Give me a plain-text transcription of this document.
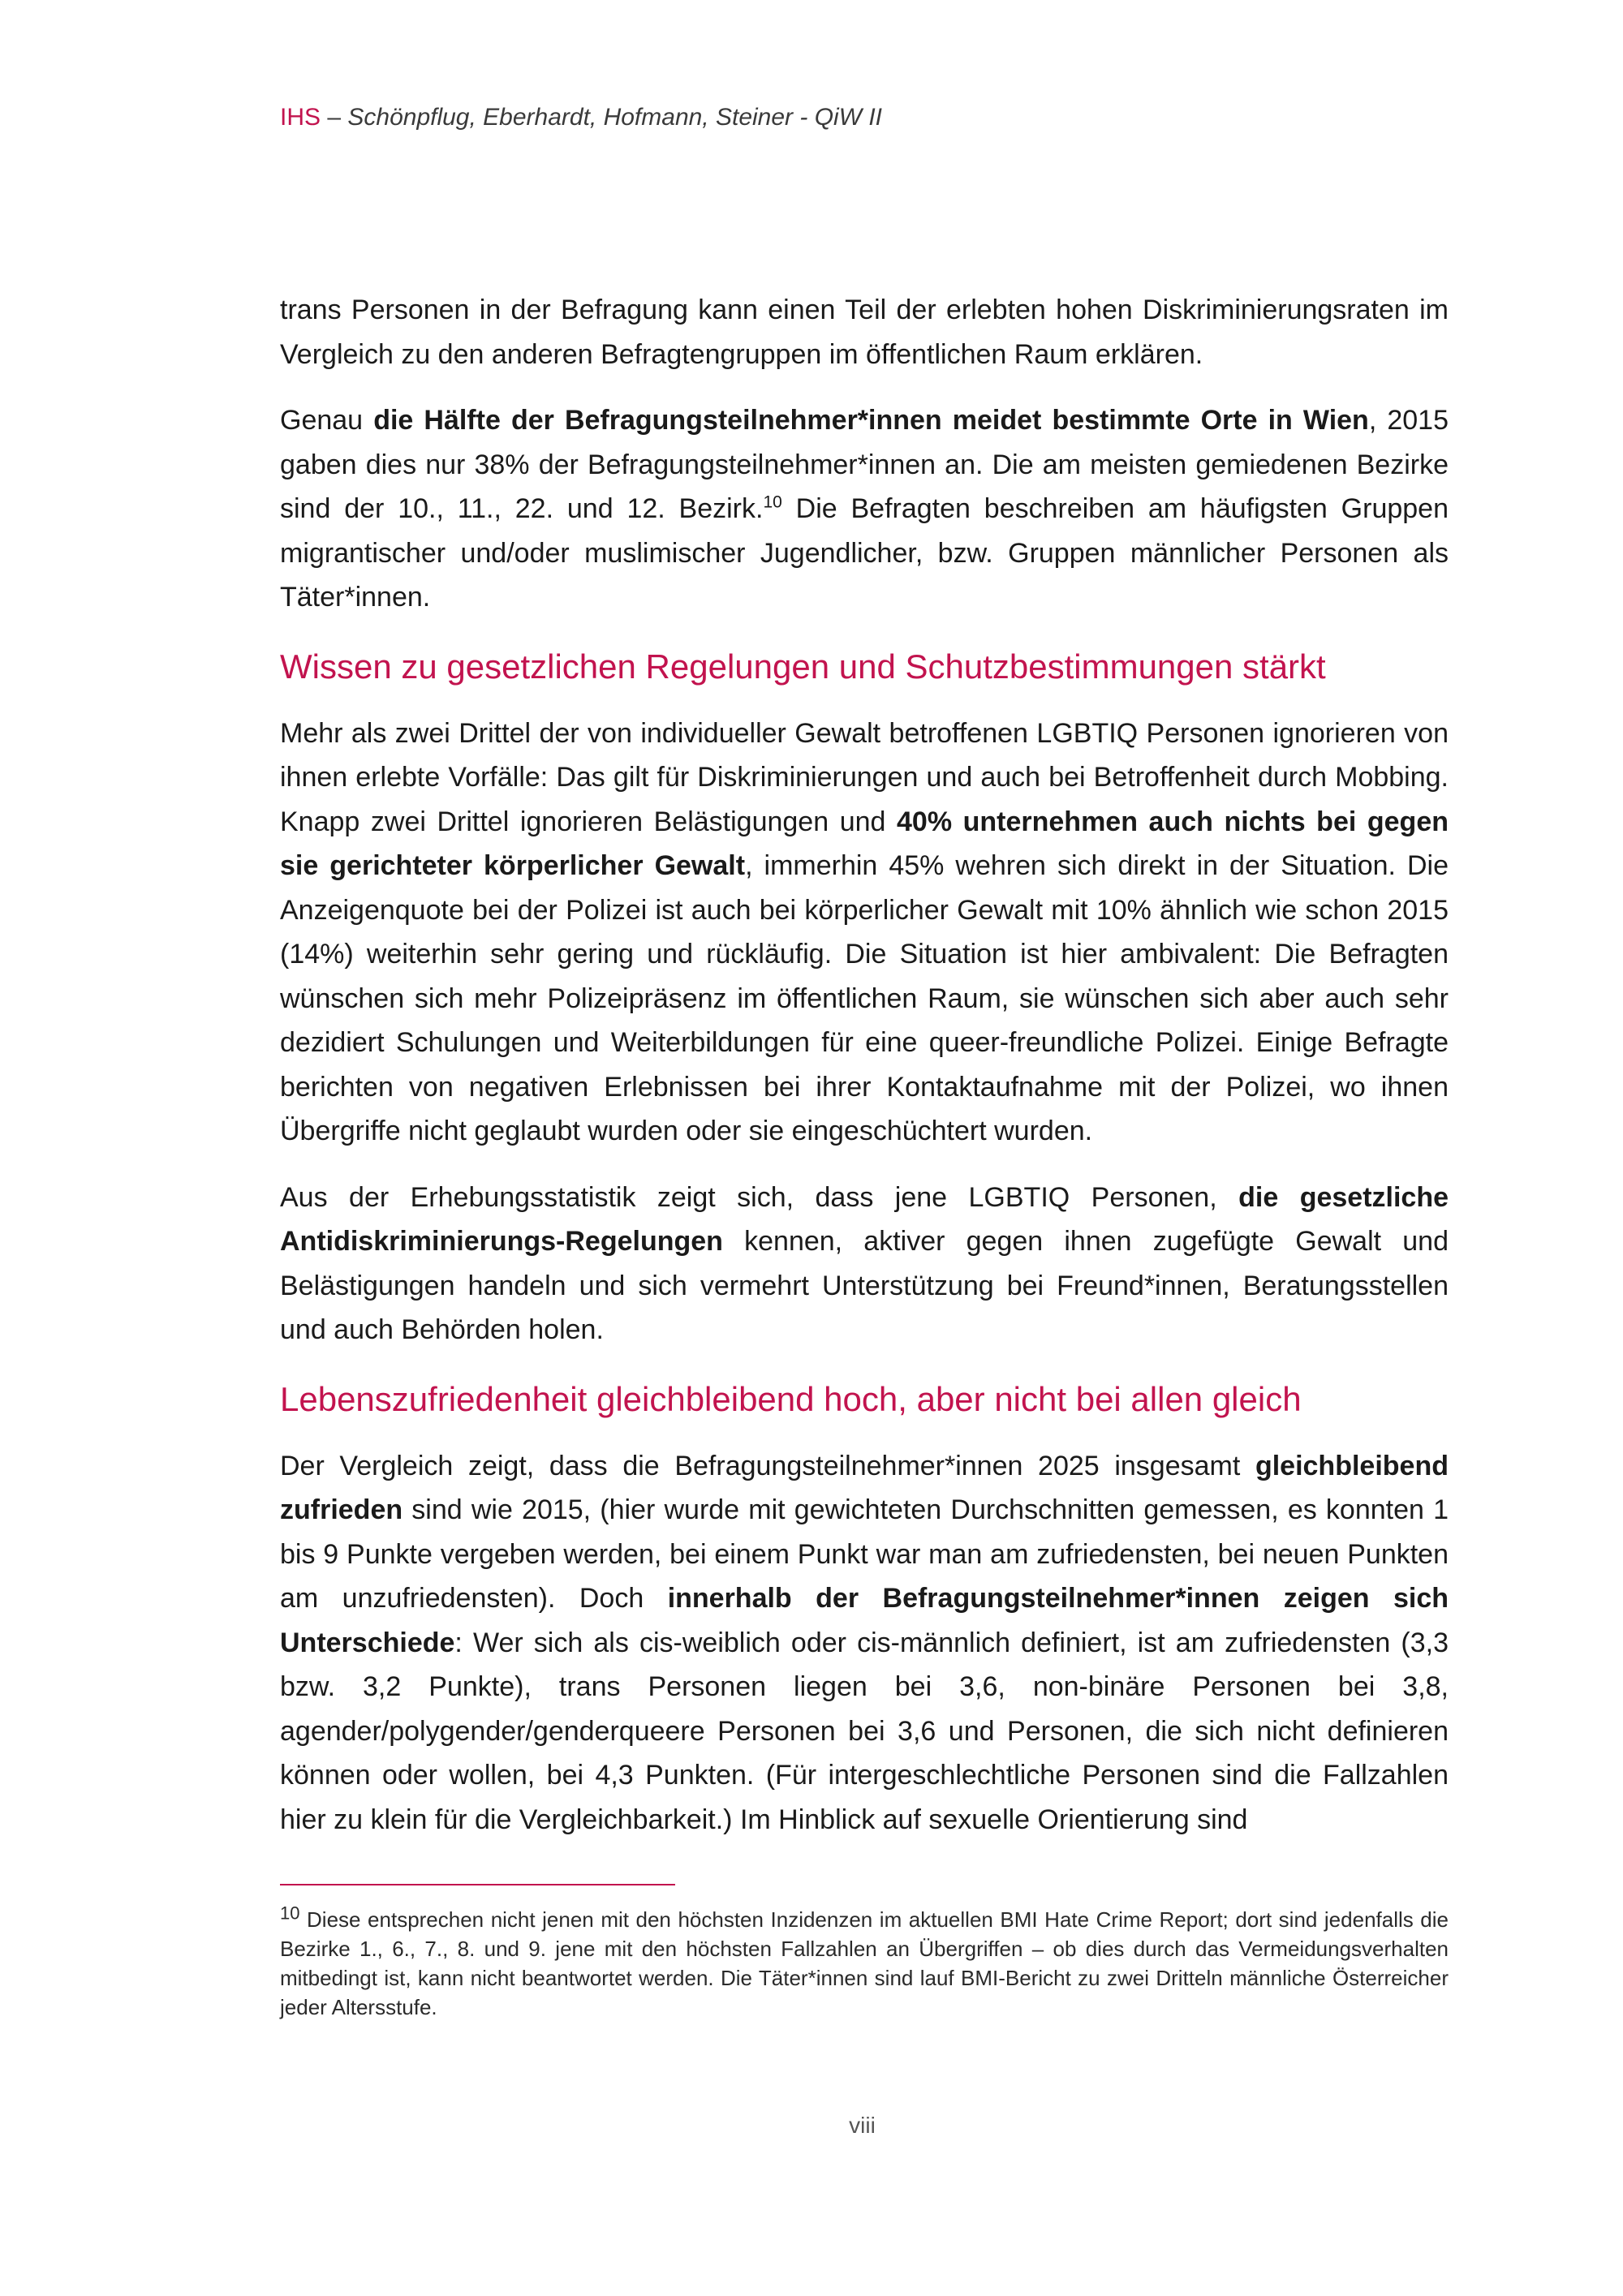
IHS – Schönpflug, Eberhardt, Hofmann, Steiner - QiW II

trans Personen in der Befragung kann einen Teil der erlebten hohen Diskriminierungsraten im Vergleich zu den anderen Befragtengruppen im öffentlichen Raum erklären.

Genau die Hälfte der Befragungsteilnehmer*innen meidet bestimmte Orte in Wien, 2015 gaben dies nur 38% der Befragungsteilnehmer*innen an. Die am meisten gemiedenen Bezirke sind der 10., 11., 22. und 12. Bezirk.$^{10}$ Die Befragten beschreiben am häufigsten Gruppen migrantischer und/oder muslimischer Jugendlicher, bzw. Gruppen männlicher Personen als Täter*innen.

Wissen zu gesetzlichen Regelungen und Schutzbestimmungen stärkt

Mehr als zwei Drittel der von individueller Gewalt betroffenen LGBTIQ Personen ignorieren von ihnen erlebte Vorfälle: Das gilt für Diskriminierungen und auch bei Betroffenheit durch Mobbing. Knapp zwei Drittel ignorieren Belästigungen und 40% unternehmen auch nichts bei gegen sie gerichteter körperlicher Gewalt, immerhin 45% wehren sich direkt in der Situation. Die Anzeigenquote bei der Polizei ist auch bei körperlicher Gewalt mit 10% ähnlich wie schon 2015 (14%) weiterhin sehr gering und rückläufig. Die Situation ist hier ambivalent: Die Befragten wünschen sich mehr Polizeipräsenz im öffentlichen Raum, sie wünschen sich aber auch sehr dezidiert Schulungen und Weiterbildungen für eine queer-freundliche Polizei. Einige Befragte berichten von negativen Erlebnissen bei ihrer Kontaktaufnahme mit der Polizei, wo ihnen Übergriffe nicht geglaubt wurden oder sie eingeschüchtert wurden.

Aus der Erhebungsstatistik zeigt sich, dass jene LGBTIQ Personen, die gesetzliche Antidiskriminierungs-Regelungen kennen, aktiver gegen ihnen zugefügte Gewalt und Belästigungen handeln und sich vermehrt Unterstützung bei Freund*innen, Beratungsstellen und auch Behörden holen.

Lebenszufriedenheit gleichbleibend hoch, aber nicht bei allen gleich

Der Vergleich zeigt, dass die Befragungsteilnehmer*innen 2025 insgesamt gleichbleibend zufrieden sind wie 2015, (hier wurde mit gewichteten Durchschnitten gemessen, es konnten 1 bis 9 Punkte vergeben werden, bei einem Punkt war man am zufriedensten, bei neuen Punkten am unzufriedensten). Doch innerhalb der Befragungsteilnehmer*innen zeigen sich Unterschiede: Wer sich als cis-weiblich oder cis-männlich definiert, ist am zufriedensten (3,3 bzw. 3,2 Punkte), trans Personen liegen bei 3,6, non-binäre Personen bei 3,8, agender/polygender/genderqueere Personen bei 3,6 und Personen, die sich nicht definieren können oder wollen, bei 4,3 Punkten. (Für intergeschlechtliche Personen sind die Fallzahlen hier zu klein für die Vergleichbarkeit.) Im Hinblick auf sexuelle Orientierung sind

$^{10}$ Diese entsprechen nicht jenen mit den höchsten Inzidenzen im aktuellen BMI Hate Crime Report; dort sind jedenfalls die Bezirke 1., 6., 7., 8. und 9. jene mit den höchsten Fallzahlen an Übergriffen – ob dies durch das Vermeidungsverhalten mitbedingt ist, kann nicht beantwortet werden. Die Täter*innen sind lauf BMI-Bericht zu zwei Dritteln männliche Österreicher jeder Altersstufe.

viii
